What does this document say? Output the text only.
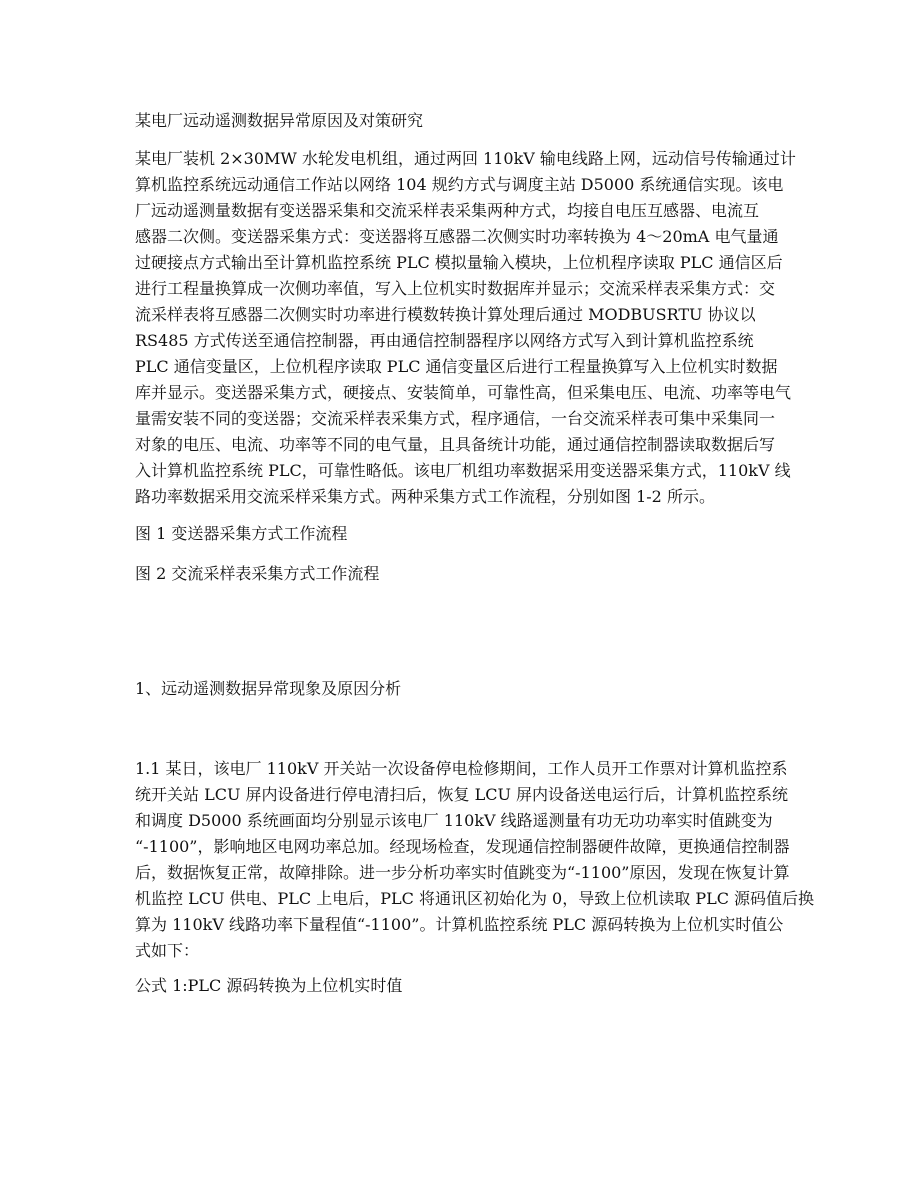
某电厂远动遥测数据异常原因及对策研究
某电厂装机 2×30MW 水轮发电机组，通过两回 110kV 输电线路上网，远动信号传输通过计
算机监控系统远动通信工作站以网络 104 规约方式与调度主站 D5000 系统通信实现。该电
厂远动遥测量数据有变送器采集和交流采样表采集两种方式，均接自电压互感器、电流互
感器二次侧。变送器采集方式：变送器将互感器二次侧实时功率转换为 4～20mA 电气量通
过硬接点方式输出至计算机监控系统 PLC 模拟量输入模块，上位机程序读取 PLC 通信区后
进行工程量换算成一次侧功率值，写入上位机实时数据库并显示；交流采样表采集方式：交
流采样表将互感器二次侧实时功率进行模数转换计算处理后通过 MODBUSRTU 协议以
RS485 方式传送至通信控制器，再由通信控制器程序以网络方式写入到计算机监控系统
PLC 通信变量区，上位机程序读取 PLC 通信变量区后进行工程量换算写入上位机实时数据
库并显示。变送器采集方式，硬接点、安装简单，可靠性高，但采集电压、电流、功率等电气
量需安装不同的变送器；交流采样表采集方式，程序通信，一台交流采样表可集中采集同一
对象的电压、电流、功率等不同的电气量，且具备统计功能，通过通信控制器读取数据后写
入计算机监控系统 PLC，可靠性略低。该电厂机组功率数据采用变送器采集方式，110kV 线
路功率数据采用交流采样采集方式。两种采集方式工作流程，分别如图 1-2 所示。
图 1 变送器采集方式工作流程
图 2 交流采样表采集方式工作流程
1、远动遥测数据异常现象及原因分析
1.1 某日，该电厂 110kV 开关站一次设备停电检修期间，工作人员开工作票对计算机监控系
统开关站 LCU 屏内设备进行停电清扫后，恢复 LCU 屏内设备送电运行后，计算机监控系统
和调度 D5000 系统画面均分别显示该电厂 110kV 线路遥测量有功无功功率实时值跳变为
“-1100”，影响地区电网功率总加。经现场检查，发现通信控制器硬件故障，更换通信控制器
后，数据恢复正常，故障排除。进一步分析功率实时值跳变为“-1100”原因，发现在恢复计算
机监控 LCU 供电、PLC 上电后，PLC 将通讯区初始化为 0，导致上位机读取 PLC 源码值后换
算为 110kV 线路功率下量程值“-1100”。计算机监控系统 PLC 源码转换为上位机实时值公
式如下：
公式 1:PLC 源码转换为上位机实时值
